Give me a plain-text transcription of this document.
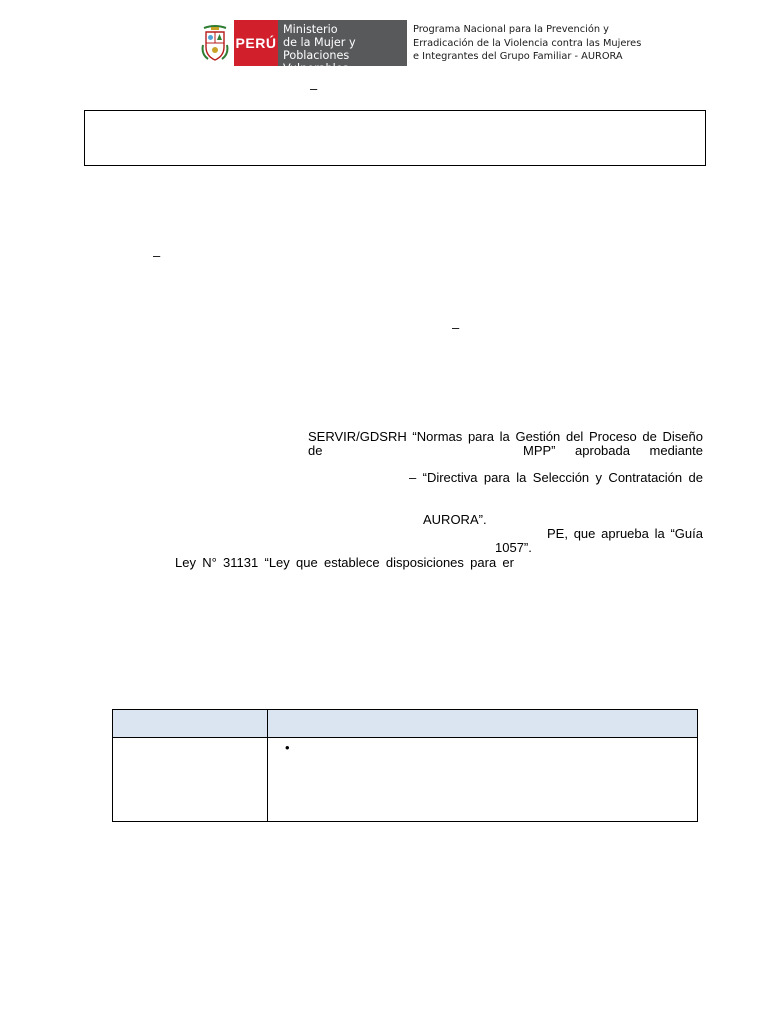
PERÚ
Ministerio
de la Mujer y
Poblaciones Vulnerables
Programa Nacional para la Prevención y
Erradicación de la Violencia contra las Mujeres
e Integrantes del Grupo Familiar - AURORA
–
–
–
SERVIR/GDSRH “Normas para la Gestión del Proceso de Diseño de	MPP” aprobada mediante
– “Directiva para la Selección y Contratación de
AURORA”.
PE, que aprueba la “Guía
1057”.
Ley N° 31131 “Ley que establece disposiciones para er
•
